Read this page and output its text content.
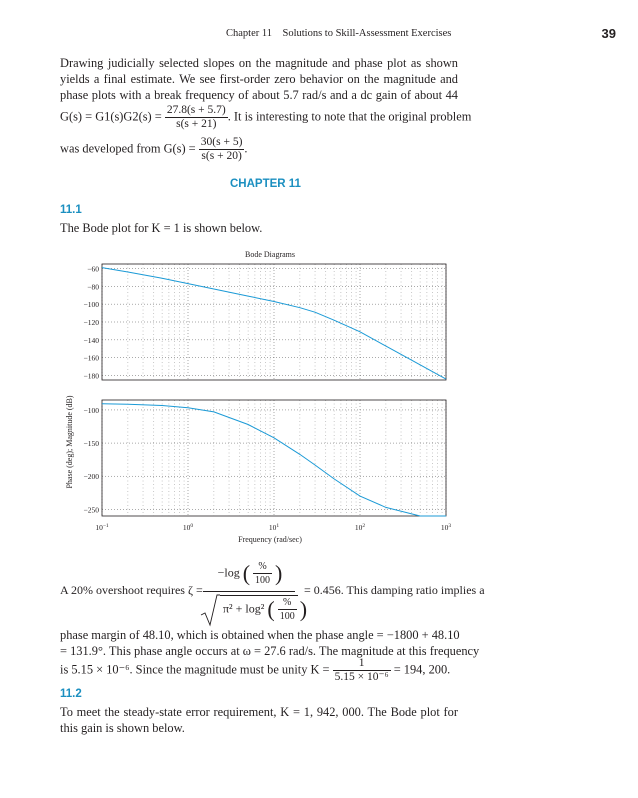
Chapter 11 Solutions to Skill-Assessment Exercises	39
Drawing judicially selected slopes on the magnitude and phase plot as shown yields a final estimate. We see first-order zero behavior on the magnitude and phase plots with a break frequency of about 5.7 rad/s and a dc gain of about 44
$G(s) = G1(s)G2(s) = \frac{27.8(s + 5.7)}{s(s + 21)}$ . It is interesting to note that the original problem
was developed from $G(s) = \frac{30(s + 5)}{s(s + 20)}$ .
CHAPTER 11
11.1
The Bode plot for K = 1 is shown below.
Bode Diagrams
Phase (deg); Magnitude (dB)
Frequency (rad/sec)
−60
−80
−100
−120
−140
−160
−180
−100
−150
−200
−250
$10^{-1}$	$10^0$	$10^1$	$10^2$	$10^3$
A 20% overshoot requires ζ =
−log ( $\frac{\%}{100}$ )
π² + log² ( $\frac{\%}{100}$ )
= 0.456. This damping ratio implies a
phase margin of 48.10, which is obtained when the phase angle = −1800 + 48.10
= 131.9°. This phase angle occurs at ω = 27.6 rad/s. The magnitude at this frequency
is 5.15 × 10⁻⁶. Since the magnitude must be unity $K = \frac{1}{\text{5.15 × 10⁻⁶}} = 194$, 200.
11.2
To meet the steady-state error requirement, K = 1, 942, 000. The Bode plot for this gain is shown below.
